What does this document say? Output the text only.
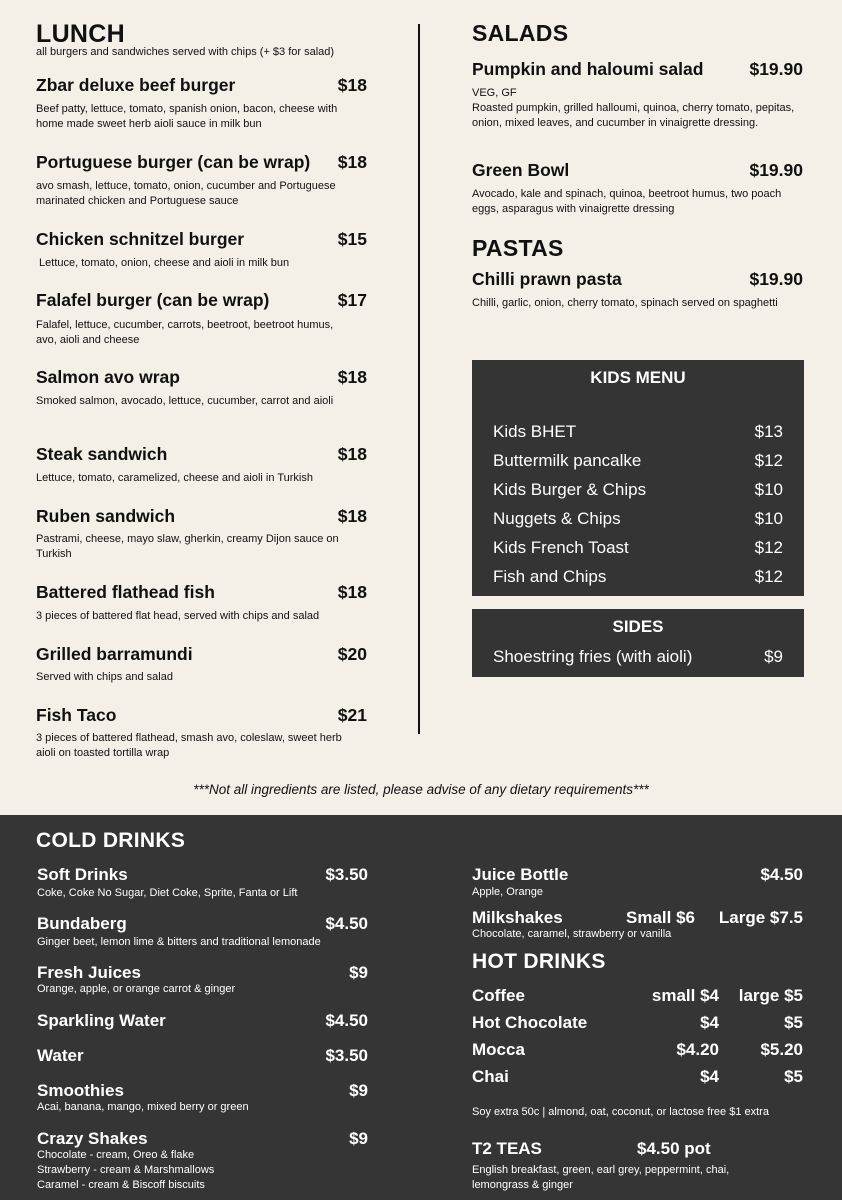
LUNCH
all burgers and sandwiches served with chips (+ $3 for salad)
Zbar deluxe beef burger	$18
Beef patty, lettuce, tomato, spanish onion, bacon, cheese with home made sweet herb aioli sauce in milk bun
Portuguese burger (can be wrap) $18
avo smash, lettuce, tomato, onion, cucumber and Portuguese marinated chicken and Portuguese sauce
Chicken schnitzel burger	$15
Lettuce, tomato, onion, cheese and aioli in milk bun
Falafel burger (can be wrap)	$17
Falafel, lettuce, cucumber, carrots, beetroot, beetroot humus, avo, aioli and cheese
Salmon avo wrap	$18
Smoked salmon, avocado, lettuce, cucumber, carrot and aioli
Steak sandwich	$18
Lettuce, tomato, caramelized, cheese and aioli in Turkish
Ruben sandwich	$18
Pastrami, cheese, mayo slaw, gherkin, creamy Dijon sauce on Turkish
Battered flathead fish	$18
3 pieces of battered flat head, served with chips and salad
Grilled barramundi	$20
Served with chips and salad
Fish Taco	$21
3 pieces of battered flathead, smash avo, coleslaw, sweet herb aioli on toasted tortilla wrap
SALADS
Pumpkin and haloumi salad	$19.90
VEG, GF
Roasted pumpkin, grilled halloumi, quinoa, cherry tomato, pepitas, onion, mixed leaves, and cucumber in vinaigrette dressing.
Green Bowl	$19.90
Avocado, kale and spinach, quinoa, beetroot humus, two poach eggs, asparagus with vinaigrette dressing
PASTAS
Chilli prawn pasta	$19.90
Chilli, garlic, onion, cherry tomato, spinach served on spaghetti
KIDS MENU
Kids BHET	$13
Buttermilk pancalke	$12
Kids Burger & Chips	$10
Nuggets & Chips	$10
Kids French Toast	$12
Fish and Chips	$12
SIDES
Shoestring fries (with aioli)	$9
***Not all ingredients are listed, please advise of any dietary requirements***
COLD DRINKS
Soft Drinks	$3.50
Coke, Coke No Sugar, Diet Coke, Sprite, Fanta or Lift
Bundaberg	$4.50
Ginger beet, lemon lime & bitters and traditional lemonade
Fresh Juices	$9
Orange, apple, or orange carrot & ginger
Sparkling Water	$4.50
Water	$3.50
Smoothies	$9
Acai, banana, mango, mixed berry or green
Crazy Shakes	$9
Chocolate - cream, Oreo & flake
Strawberry - cream & Marshmallows
Caramel - cream & Biscoff biscuits
Juice Bottle	$4.50
Apple, Orange
Milkshakes	Small $6 Large $7.5
Chocolate, caramel, strawberry or vanilla
HOT DRINKS
Coffee	small $4 large $5
Hot Chocolate	$4	$5
Mocca	$4.20 $5.20
Chai	$4	$5
Soy extra 50c | almond, oat, coconut, or lactose free $1 extra
T2 TEAS	$4.50 pot
English breakfast, green, earl grey, peppermint, chai,
lemongrass & ginger
